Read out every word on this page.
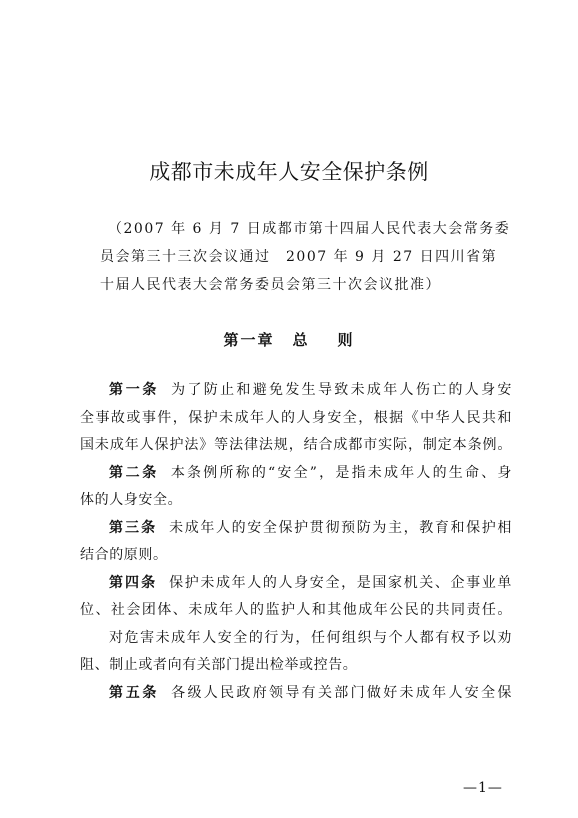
成都市未成年人安全保护条例
（2007 年 6 月 7 日成都市第十四届人民代表大会常务委
员会第三十三次会议通过　2007 年 9 月 27 日四川省第
十届人民代表大会常务委员会第三十次会议批准）
第一章 总 则
第一条 为了防止和避免发生导致未成年人伤亡的人身安
全事故或事件，保护未成年人的人身安全，根据《中华人民共和
国未成年人保护法》等法律法规，结合成都市实际，制定本条例。
第二条 本条例所称的“安全”，是指未成年人的生命、身
体的人身安全。
第三条 未成年人的安全保护贯彻预防为主，教育和保护相
结合的原则。
第四条 保护未成年人的人身安全，是国家机关、企事业单
位、社会团体、未成年人的监护人和其他成年公民的共同责任。
对危害未成年人安全的行为，任何组织与个人都有权予以劝
阻、制止或者向有关部门提出检举或控告。
第五条 各级人民政府领导有关部门做好未成年人安全保
—1—
